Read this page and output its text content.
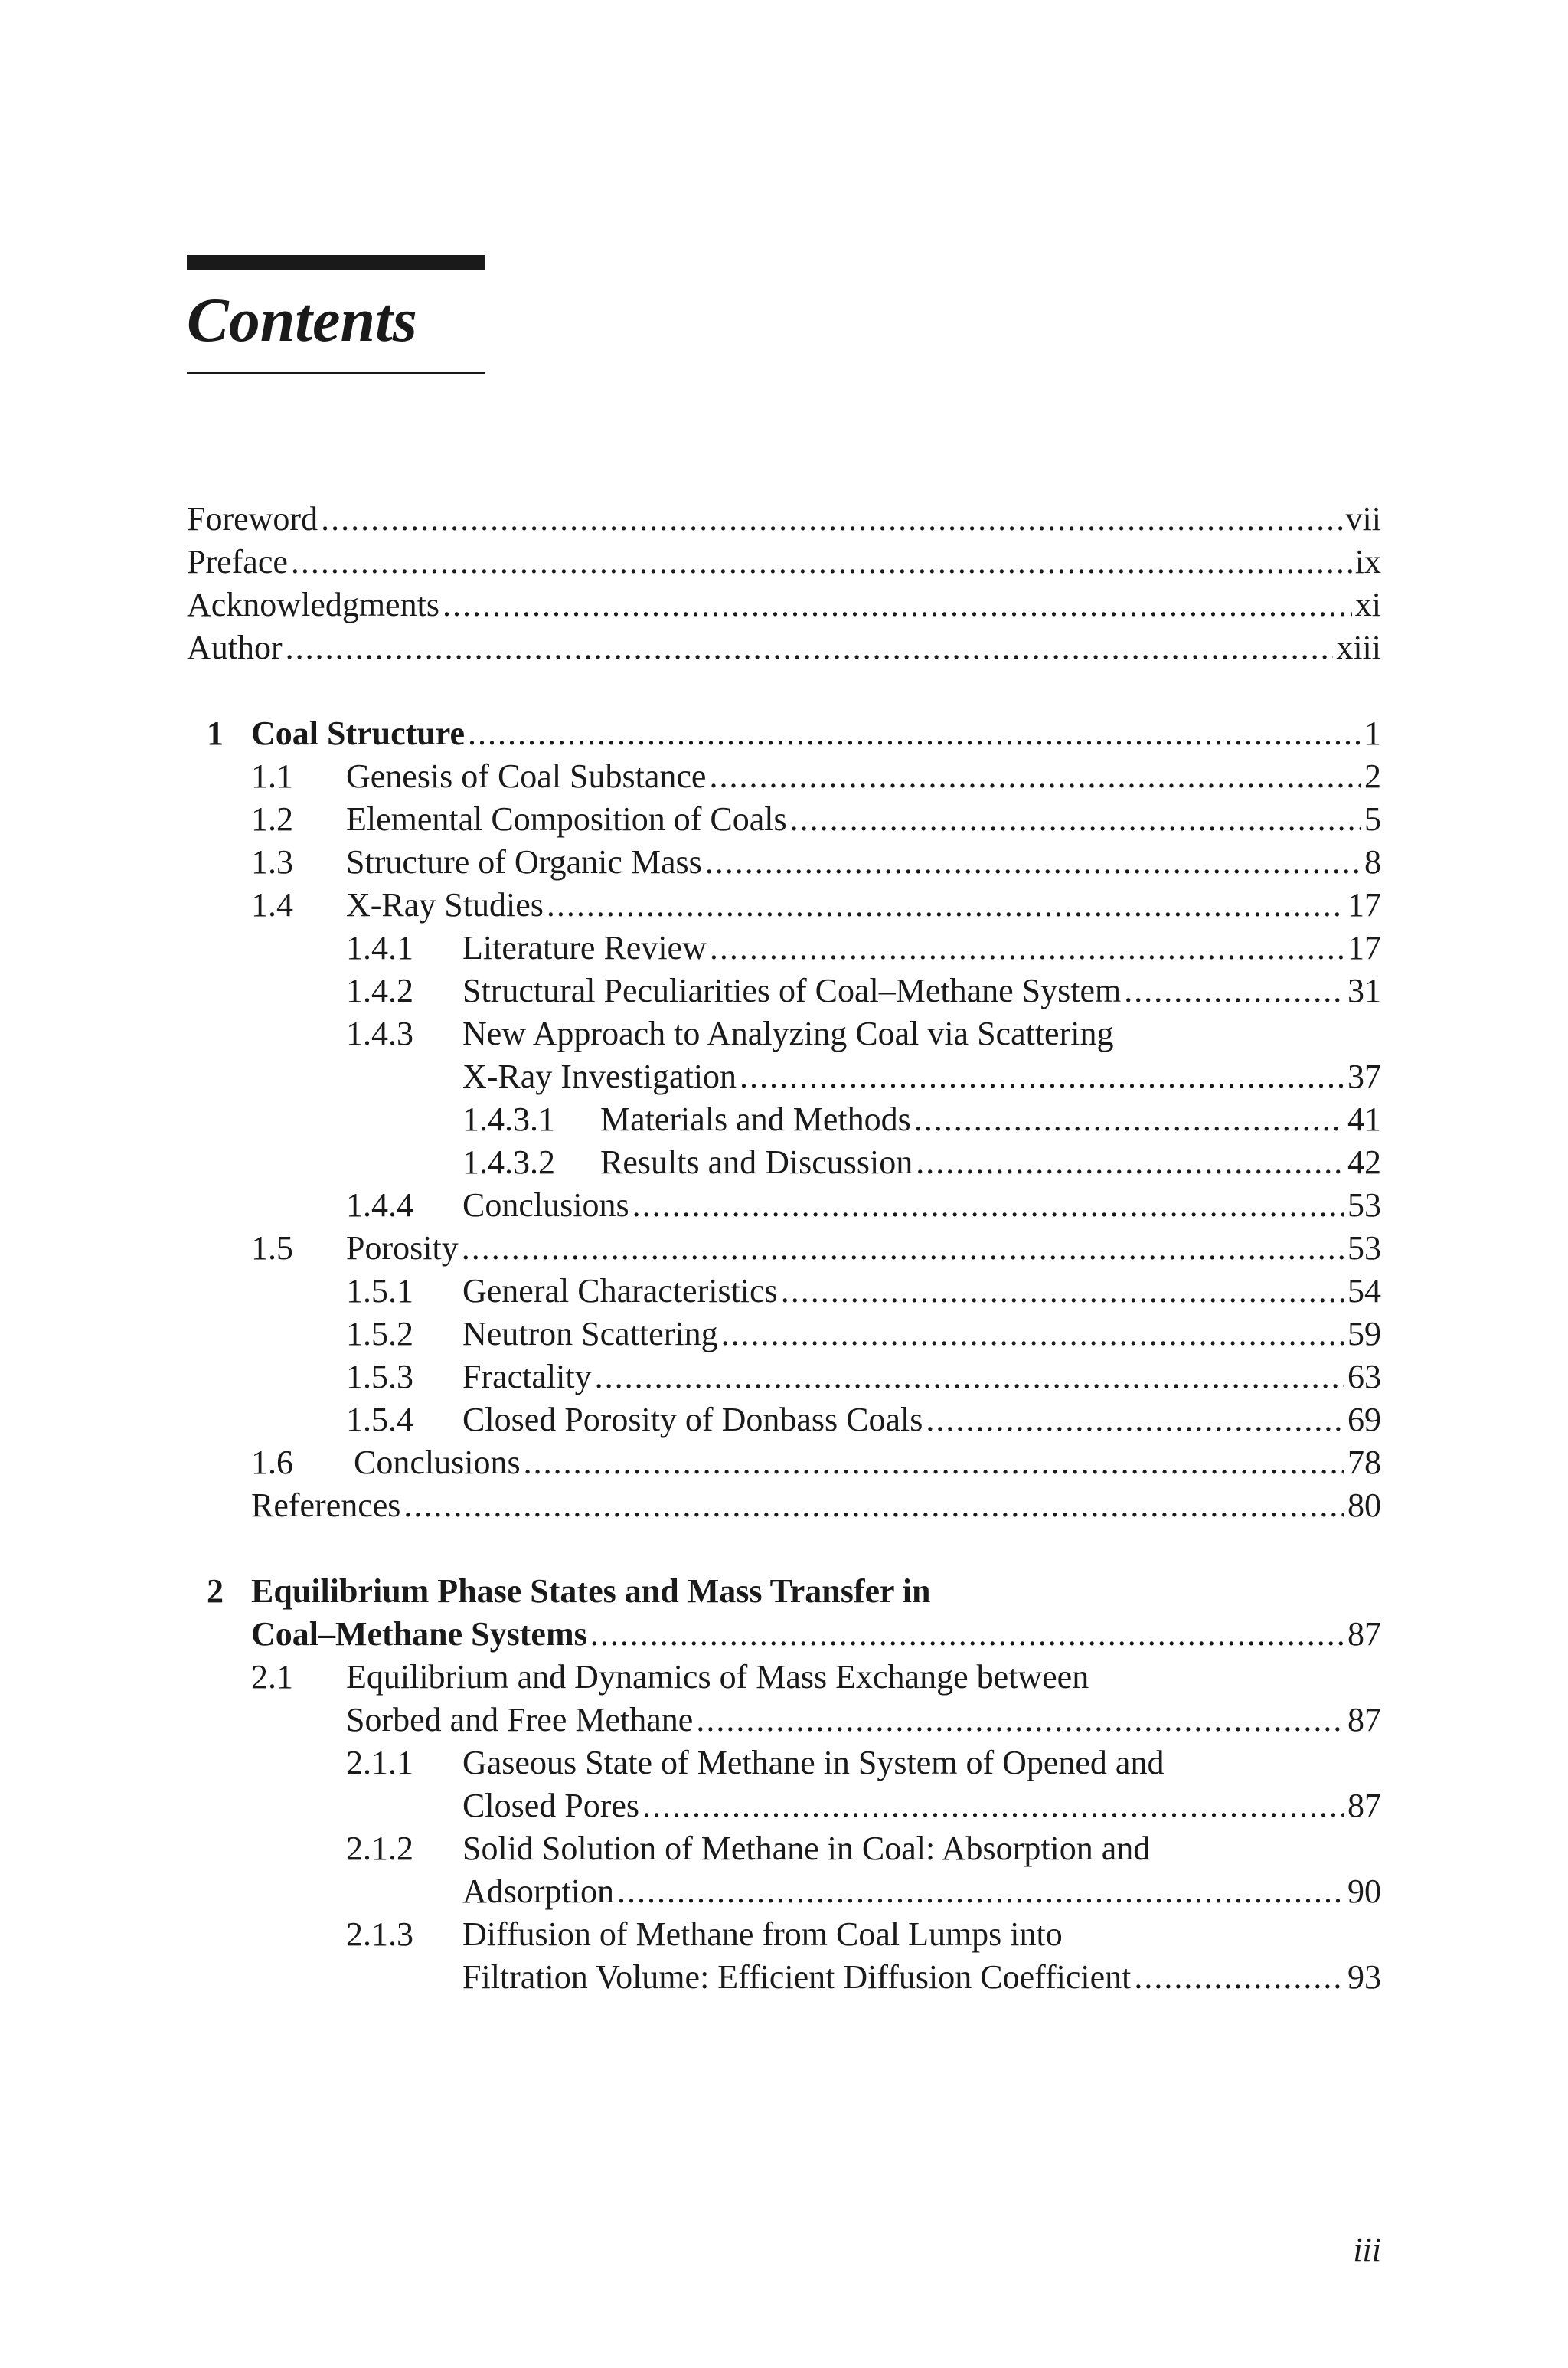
Contents
Foreword .....	vii
Preface .....	ix
Acknowledgments .....	xi
Author .....	xiii
1 Coal Structure .....	1
1.1 Genesis of Coal Substance .....	2
1.2 Elemental Composition of Coals .....	5
1.3 Structure of Organic Mass .....	8
1.4 X-Ray Studies .....	17
1.4.1 Literature Review .....	17
1.4.2 Structural Peculiarities of Coal–Methane System .....	31
1.4.3 New Approach to Analyzing Coal via Scattering
X-Ray Investigation .....	37
1.4.3.1 Materials and Methods .....	41
1.4.3.2 Results and Discussion .....	42
1.4.4 Conclusions .....	53
1.5 Porosity .....	53
1.5.1 General Characteristics .....	54
1.5.2 Neutron Scattering .....	59
1.5.3 Fractality .....	63
1.5.4 Closed Porosity of Donbass Coals .....	69
1.6 Conclusions .....	78
References .....	80
2 Equilibrium Phase States and Mass Transfer in
Coal–Methane Systems .....	87
2.1 Equilibrium and Dynamics of Mass Exchange between
Sorbed and Free Methane .....	87
2.1.1 Gaseous State of Methane in System of Opened and
Closed Pores .....	87
2.1.2 Solid Solution of Methane in Coal: Absorption and
Adsorption .....	90
2.1.3 Diffusion of Methane from Coal Lumps into
Filtration Volume: Efficient Diffusion Coefficient .....	93
iii
